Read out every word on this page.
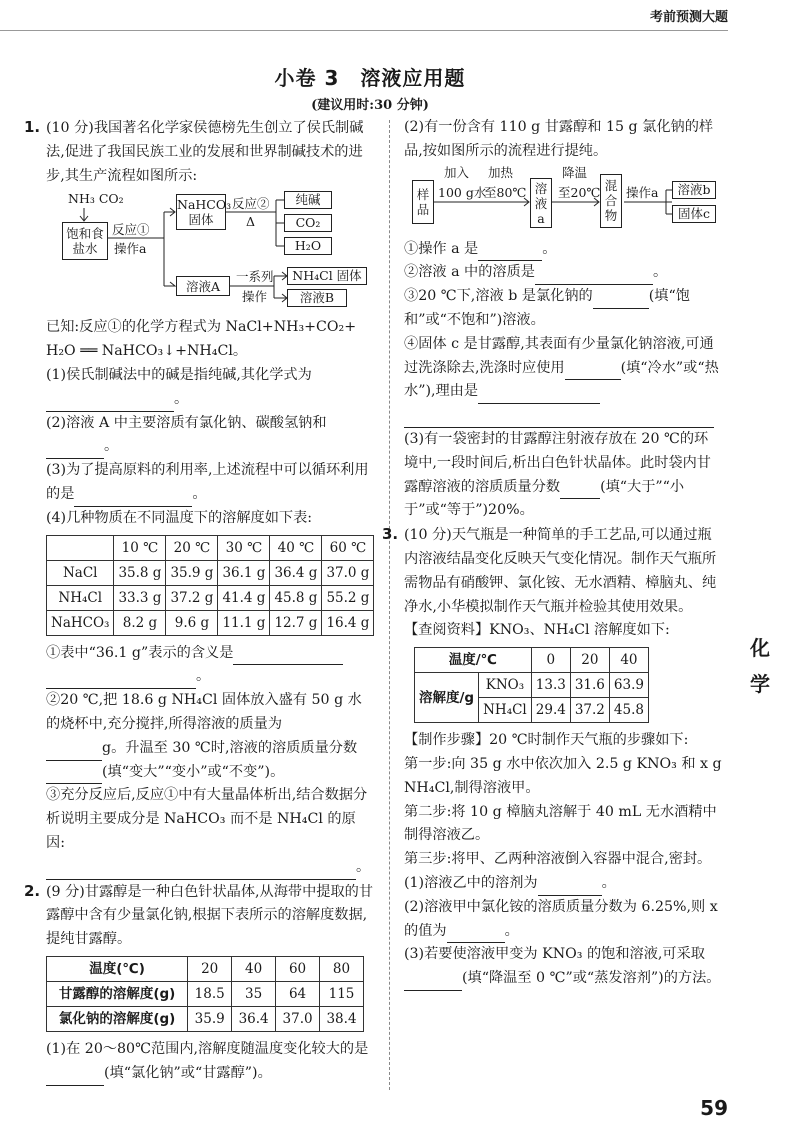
考前预测大题
小卷 3　溶液应用题
(建议用时:30 分钟)

1. (10 分)我国著名化学家侯德榜先生创立了侯氏制碱法,促进了我国民族工业的发展和世界制碱技术的进步,其生产流程如图所示:

NH₃ CO₂
饱和食
盐水
反应①
操作a
NaHCO₃
固体
反应②
Δ
纯碱
CO₂
H₂O
溶液A
一系列
操作
NH₄Cl 固体
溶液B

已知:反应①的化学方程式为 NaCl+NH₃+CO₂+

H₂O ══ NaHCO₃↓+NH₄Cl。

(1)侯氏制碱法中的碱是指纯碱,其化学式为

。

(2)溶液 A 中主要溶质有氯化钠、碳酸氢钠和

。

(3)为了提高原料的利用率,上述流程中可以循环利用的是	。

(4)几种物质在不同温度下的溶解度如下表:

	10 ℃	20 ℃	30 ℃	40 ℃	60 ℃
NaCl	35.8 g	35.9 g	36.1 g	36.4 g	37.0 g
NH₄Cl	33.3 g	37.2 g	41.4 g	45.8 g	55.2 g
NaHCO₃	8.2 g	9.6 g	11.1 g	12.7 g	16.4 g

①表中“36.1 g”表示的含义是

。

②20 ℃,把 18.6 g NH₄Cl 固体放入盛有 50 g 水的烧杯中,充分搅拌,所得溶液的质量为

g。升温至 30 ℃时,溶液的溶质质量分数(填“变大”“变小”或“不变”)。

③充分反应后,反应①中有大量晶体析出,结合数据分析说明主要成分是 NaHCO₃ 而不是 NH₄Cl 的原因:

。

2. (9 分)甘露醇是一种白色针状晶体,从海带中提取的甘露醇中含有少量氯化钠,根据下表所示的溶解度数据,提纯甘露醇。

温度(℃)	20	40	60	80
甘露醇的溶解度(g)	18.5	35	64	115
氯化钠的溶解度(g)	35.9	36.4	37.0	38.4

(1)在 20～80℃范围内,溶解度随温度变化较大的是

(填“氯化钠”或“甘露醇”)。

(2)有一份含有 110 g 甘露醇和 15 g 氯化钠的样品,按如图所示的流程进行提纯。

样
品
加入
100 g水
加热
至80℃ 溶
液
a
降温
至20℃ 混
合
物
操作a	溶液b
固体c

①操作 a 是	。

②溶液 a 中的溶质是	。

③20 ℃下,溶液 b 是氯化钠的	(填“饱和”或“不饱和”)溶液。

④固体 c 是甘露醇,其表面有少量氯化钠溶液,可通过洗涤除去,洗涤时应使用	(填“冷水”或“热水”),理由是

(3)有一袋密封的甘露醇注射液存放在 20 ℃的环境中,一段时间后,析出白色针状晶体。此时袋内甘露醇溶液的溶质质量分数	(填“大于”“小于”或“等于”)20%。

3. (10 分)天气瓶是一种简单的手工艺品,可以通过瓶内溶液结晶变化反映天气变化情况。制作天气瓶所需物品有硝酸钾、氯化铵、无水酒精、樟脑丸、纯净水,小华模拟制作天气瓶并检验其使用效果。

【查阅资料】KNO₃、NH₄Cl 溶解度如下:

温度/℃		0	20	40
溶解度/g	KNO₃	13.3	31.6	63.9
	NH₄Cl	29.4	37.2	45.8

【制作步骤】20 ℃时制作天气瓶的步骤如下:

第一步:向 35 g 水中依次加入 2.5 g KNO₃ 和 x g NH₄Cl,制得溶液甲。

第二步:将 10 g 樟脑丸溶解于 40 mL 无水酒精中制得溶液乙。

第三步:将甲、乙两种溶液倒入容器中混合,密封。

(1)溶液乙中的溶剂为	。

(2)溶液甲中氯化铵的溶质质量分数为 6.25%,则 x 的值为	。

(3)若要使溶液甲变为 KNO₃ 的饱和溶液,可采取(填“降温至 0 ℃”或“蒸发溶剂”)的方法。

化
学
59
